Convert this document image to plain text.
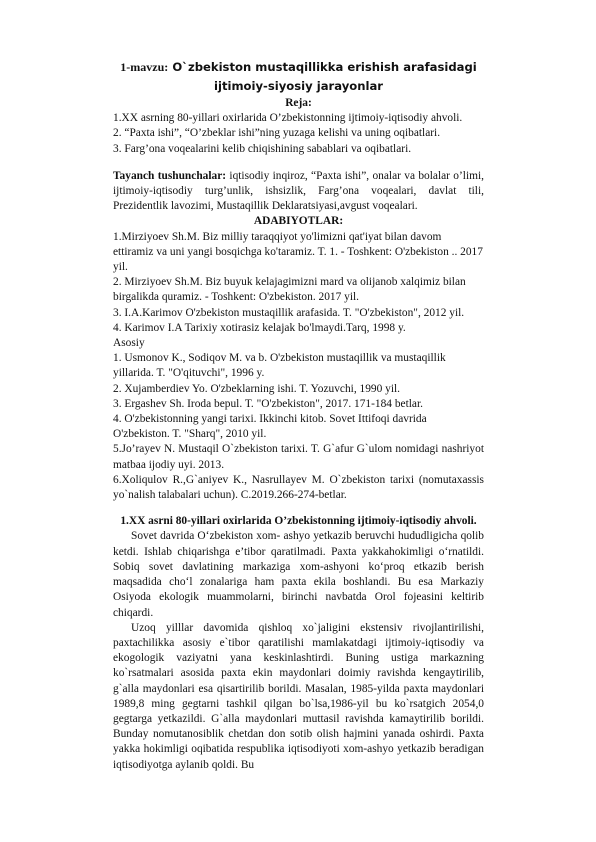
1-mavzu: O`zbekiston mustaqillikka erishish arafasidagi ijtimoiy-siyosiy jarayonlar

Reja:

1.XX asrning 80-yillari oxirlarida O’zbekistonning ijtimoiy-iqtisodiy ahvoli.

2. “Paxta ishi”, “O’zbeklar ishi”ning yuzaga kelishi va uning oqibatlari.

3. Farg’ona voqealarini kelib chiqishining sabablari va oqibatlari.

Tayanch tushunchalar: iqtisodiy inqiroz, “Paxta ishi”, onalar va bolalar o’limi, ijtimoiy-iqtisodiy turg’unlik, ishsizlik, Farg’ona voqealari, davlat tili, Prezidentlik lavozimi, Mustaqillik Deklaratsiyasi,avgust voqealari.

ADABIYOTLAR:

1.Mirziyoev Sh.M. Biz milliy taraqqiyot yo'limizni qat'iyat bilan davom ettiramiz va uni yangi bosqichga ko'taramiz. T. 1. - Toshkent: O'zbekiston .. 2017 yil.

2. Mirziyoev Sh.M. Biz buyuk kelajagimizni mard va olijanob xalqimiz bilan birgalikda quramiz. - Toshkent: O'zbekiston. 2017 yil.

3. I.A.Karimov O'zbekiston mustaqillik arafasida. T. "O'zbekiston", 2012 yil.

4. Karimov I.A Tarixiy xotirasiz kelajak bo'lmaydi.Tarq, 1998 y.

Asosiy

1. Usmonov K., Sodiqov M. va b. O'zbekiston mustaqillik va mustaqillik yillarida. T. "O'qituvchi", 1996 y.

2. Xujamberdiev Yo. O'zbeklarning ishi. T. Yozuvchi, 1990 yil.

3. Ergashev Sh. Iroda bepul. T. "O'zbekiston", 2017. 171-184 betlar.

4. O'zbekistonning yangi tarixi. Ikkinchi kitob. Sovet Ittifoqi davrida O'zbekiston. T. "Sharq", 2010 yil.

5.Jo’rayev N. Mustaqil O`zbekiston tarixi. T. G`afur G`ulom nomidagi nashriyot matbaa ijodiy uyi. 2013.

6.Xoliqulov R.,G`aniyev K., Nasrullayev M. O`zbekiston tarixi (nomutaxassis yo`nalish talabalari uchun). C.2019.266-274-betlar.

1.XX asrni 80-yillari oxirlarida O’zbekistonning ijtimoiy-iqtisodiy ahvoli.

Sovet davrida O‘zbekiston xom- ashyo yetkazib beruvchi hududligicha qolib ketdi. Ishlab chiqarishga e’tibor qaratilmadi. Paxta yakkahokimligi o‘rnatildi. Sobiq sovet davlatining markaziga xom-ashyoni ko‘proq etkazib berish maqsadida cho‘l zonalariga ham paxta ekila boshlandi. Bu esa Markaziy Osiyoda ekologik muammolarni, birinchi navbatda Orol fojeasini keltirib chiqardi.

Uzoq yilllar davomida qishloq xo`jaligini ekstensiv rivojlantirilishi, paxtachilikka asosiy e`tibor qaratilishi mamlakatdagi ijtimoiy-iqtisodiy va ekogologik vaziyatni yana keskinlashtirdi. Buning ustiga markazning ko`rsatmalari asosida paxta ekin maydonlari doimiy ravishda kengaytirilib, g`alla maydonlari esa qisartirilib borildi. Masalan, 1985-yilda paxta maydonlari 1989,8 ming gegtarni tashkil qilgan bo`lsa,1986-yil bu ko`rsatgich 2054,0 gegtarga yetkazildi. G`alla maydonlari muttasil ravishda kamaytirilib borildi. Bunday nomutanosiblik chetdan don sotib olish hajmini yanada oshirdi. Paxta yakka hokimligi oqibatida respublika iqtisodiyoti xom-ashyo yetkazib beradigan iqtisodiyotga aylanib qoldi. Bu
